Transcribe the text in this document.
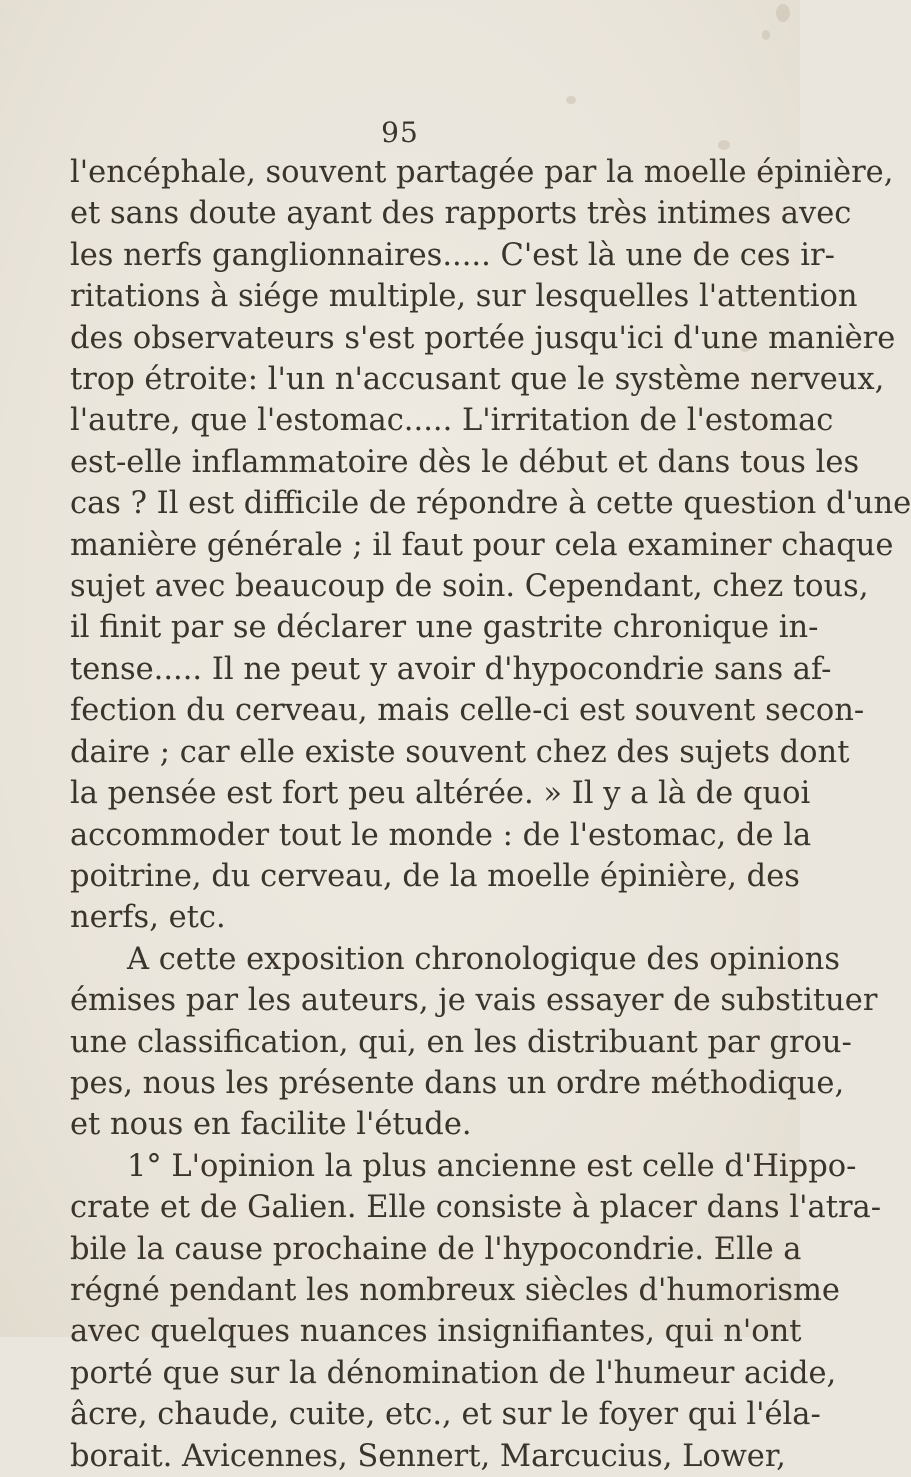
95
l'encéphale, souvent partagée par la moelle épinière,
et sans doute ayant des rapports très intimes avec
les nerfs ganglionnaires..... C'est là une de ces ir-
ritations à siége multiple, sur lesquelles l'attention
des observateurs s'est portée jusqu'ici d'une manière
trop étroite: l'un n'accusant que le système nerveux,
l'autre, que l'estomac..... L'irritation de l'estomac
est-elle inflammatoire dès le début et dans tous les
cas ? Il est difficile de répondre à cette question d'une
manière générale ; il faut pour cela examiner chaque
sujet avec beaucoup de soin. Cependant, chez tous,
il finit par se déclarer une gastrite chronique in-
tense..... Il ne peut y avoir d'hypocondrie sans af-
fection du cerveau, mais celle-ci est souvent secon-
daire ; car elle existe souvent chez des sujets dont
la pensée est fort peu altérée. » Il y a là de quoi
accommoder tout le monde : de l'estomac, de la
poitrine, du cerveau, de la moelle épinière, des
nerfs, etc.
A cette exposition chronologique des opinions
émises par les auteurs, je vais essayer de substituer
une classification, qui, en les distribuant par grou-
pes, nous les présente dans un ordre méthodique,
et nous en facilite l'étude.
1° L'opinion la plus ancienne est celle d'Hippo-
crate et de Galien. Elle consiste à placer dans l'atra-
bile la cause prochaine de l'hypocondrie. Elle a
régné pendant les nombreux siècles d'humorisme
avec quelques nuances insignifiantes, qui n'ont
porté que sur la dénomination de l'humeur acide,
âcre, chaude, cuite, etc., et sur le foyer qui l'éla-
borait. Avicennes, Sennert, Marcucius, Lower,
